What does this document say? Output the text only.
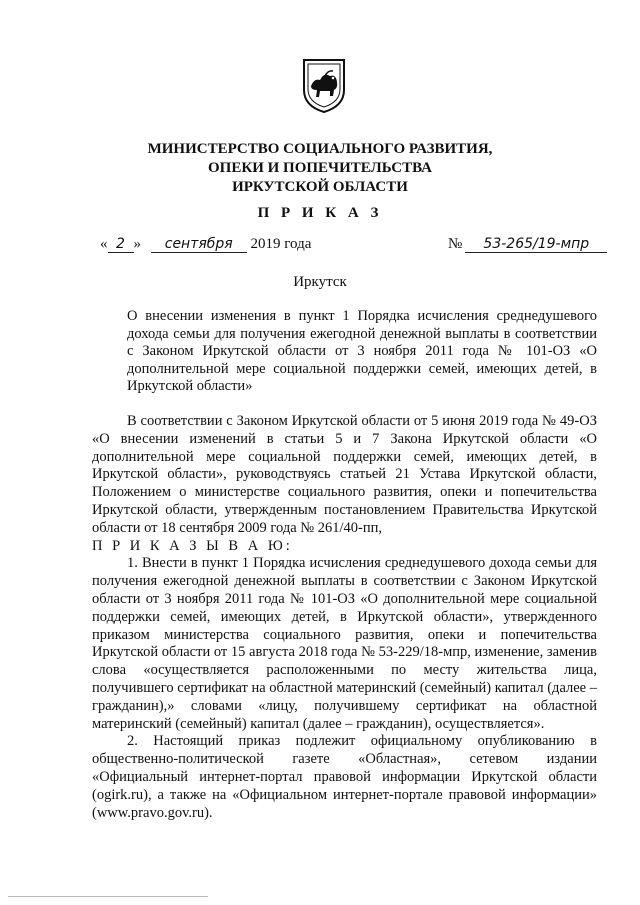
МИНИСТЕРСТВО СОЦИАЛЬНОГО РАЗВИТИЯ,
ОПЕКИ И ПОПЕЧИТЕЛЬСТВА
ИРКУТСКОЙ ОБЛАСТИ
П Р И К А З
« 2 » сентября 2019 года	№ 53-265/19-мпр
Иркутск
О внесении изменения в пункт 1 Порядка исчисления среднедушевого дохода семьи для получения ежегодной денежной выплаты в соответствии с Законом Иркутской области от 3 ноября 2011 года № 101-ОЗ «О дополнительной мере социальной поддержки семей, имеющих детей, в Иркутской области»

В соответствии с Законом Иркутской области от 5 июня 2019 года № 49-ОЗ «О внесении изменений в статьи 5 и 7 Закона Иркутской области «О дополнительной мере социальной поддержки семей, имеющих детей, в Иркутской области», руководствуясь статьей 21 Устава Иркутской области, Положением о министерстве социального развития, опеки и попечительства Иркутской области, утвержденным постановлением Правительства Иркутской области от 18 сентября 2009 года № 261/40-пп,

П Р И К А З Ы В А Ю:

1. Внести в пункт 1 Порядка исчисления среднедушевого дохода семьи для получения ежегодной денежной выплаты в соответствии с Законом Иркутской области от 3 ноября 2011 года № 101-ОЗ «О дополнительной мере социальной поддержки семей, имеющих детей, в Иркутской области», утвержденного приказом министерства социального развития, опеки и попечительства Иркутской области от 15 августа 2018 года № 53-229/18-мпр, изменение, заменив слова «осуществляется расположенными по месту жительства лица, получившего сертификат на областной материнский (семейный) капитал (далее – гражданин),» словами «лицу, получившему сертификат на областной материнский (семейный) капитал (далее – гражданин), осуществляется».

2. Настоящий приказ подлежит официальному опубликованию в общественно-политической газете «Областная», сетевом издании «Официальный интернет-портал правовой информации Иркутской области (ogirk.ru), а также на «Официальном интернет-портале правовой информации» (www.pravo.gov.ru).
